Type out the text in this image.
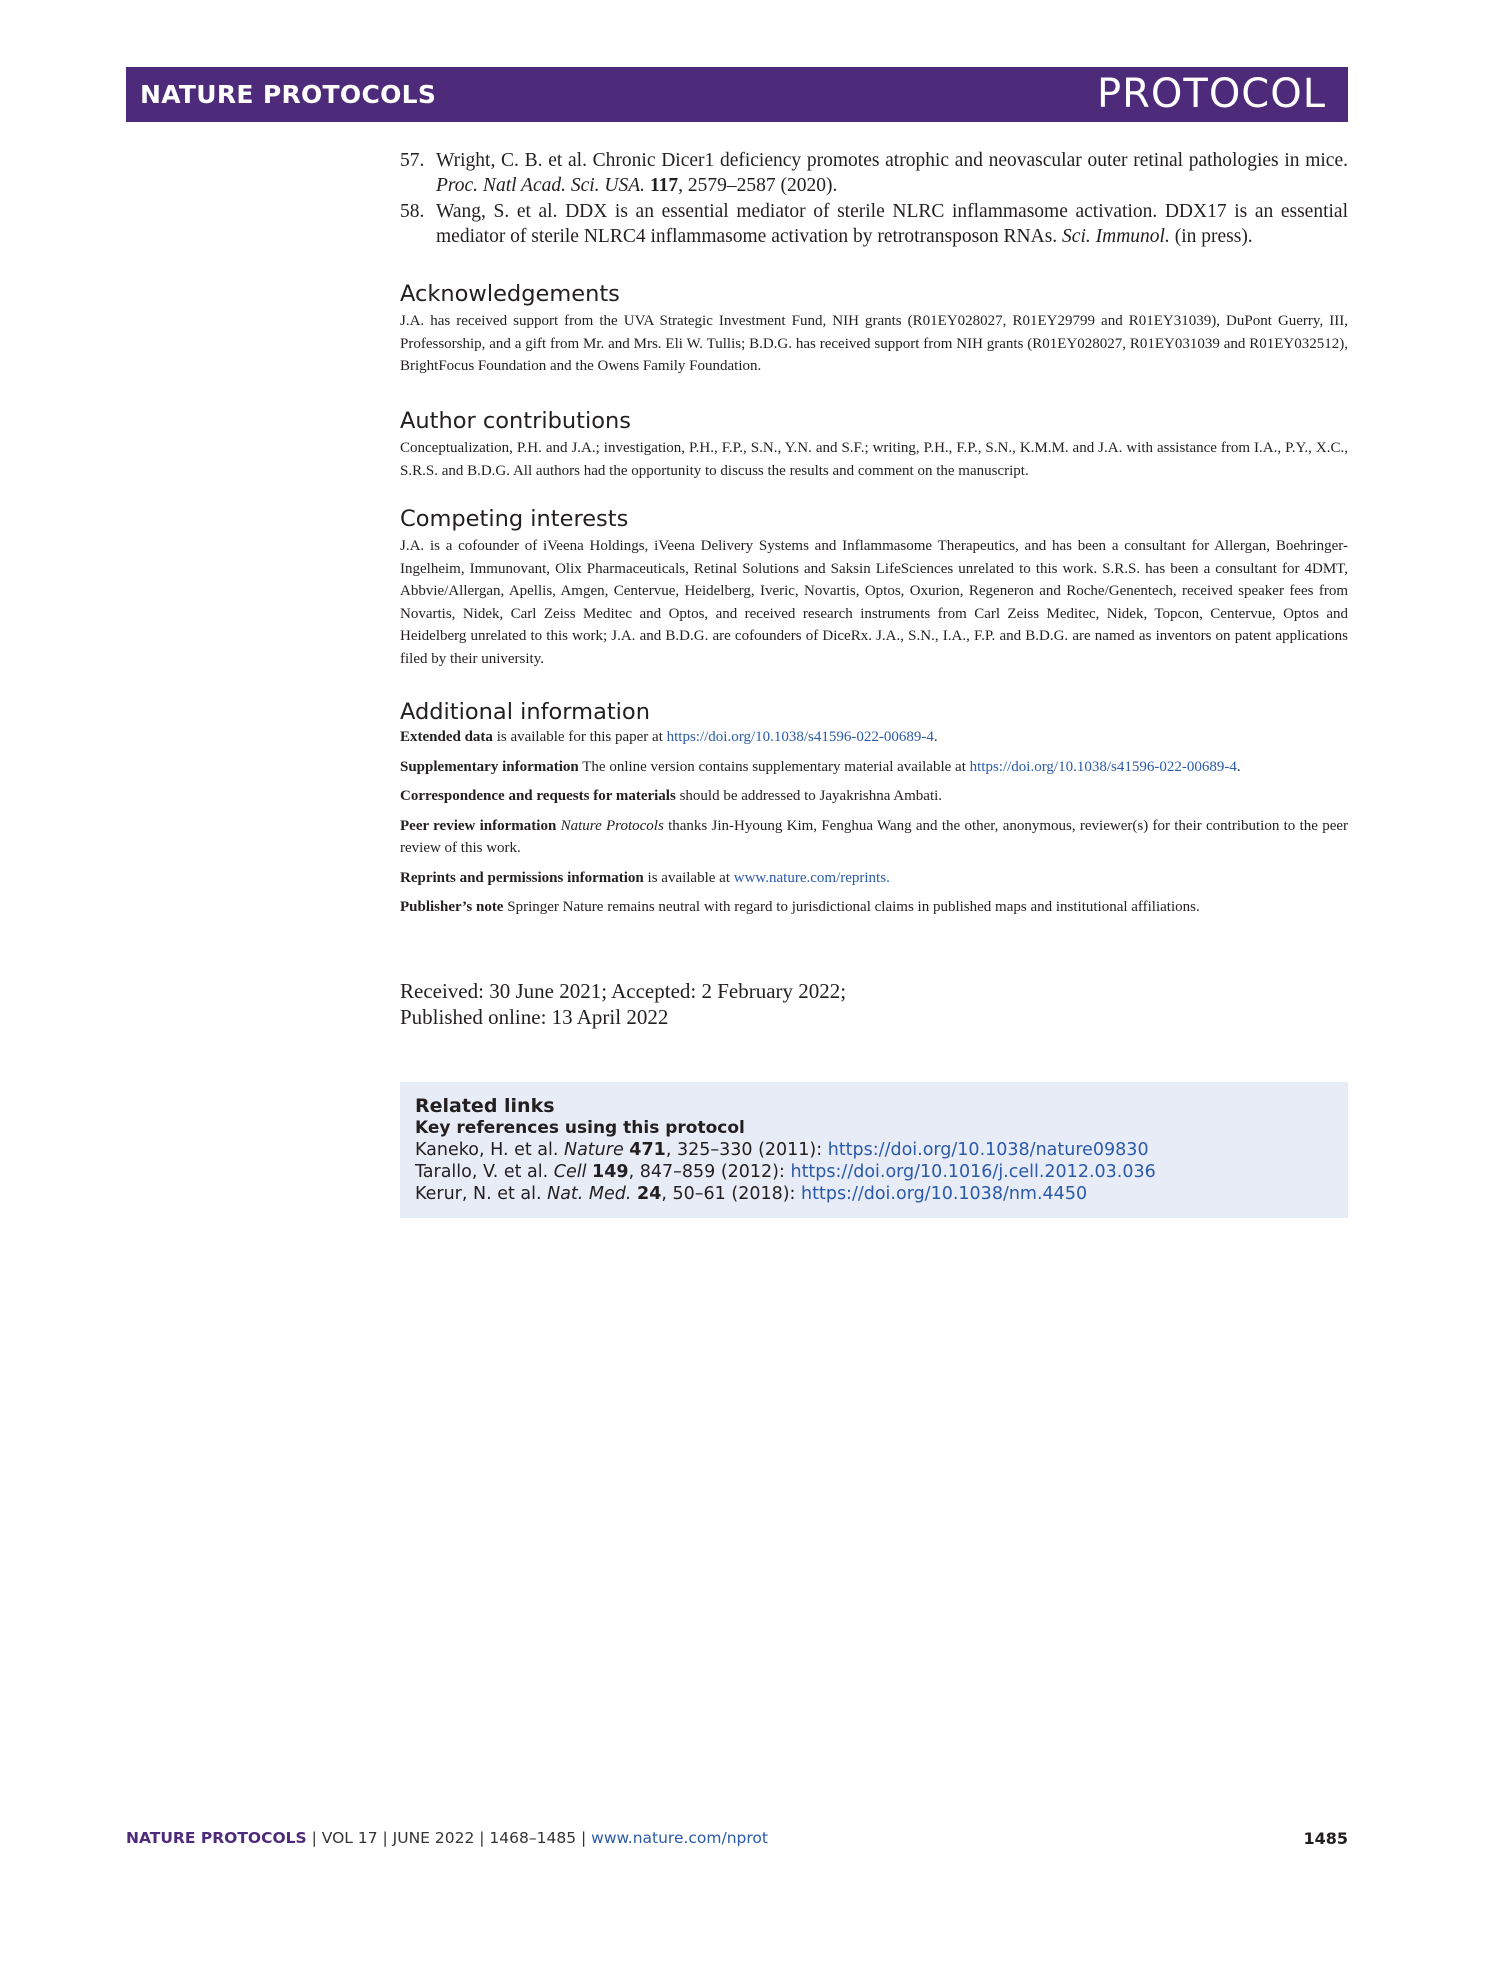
NATURE PROTOCOLS	PROTOCOL
57. Wright, C. B. et al. Chronic Dicer1 deficiency promotes atrophic and neovascular outer retinal pathologies in mice. Proc. Natl Acad. Sci. USA. 117, 2579–2587 (2020).
58. Wang, S. et al. DDX is an essential mediator of sterile NLRC inflammasome activation. DDX17 is an essential mediator of sterile NLRC4 inflammasome activation by retrotransposon RNAs. Sci. Immunol. (in press).
Acknowledgements

J.A. has received support from the UVA Strategic Investment Fund, NIH grants (R01EY028027, R01EY29799 and R01EY31039), DuPont Guerry, III, Professorship, and a gift from Mr. and Mrs. Eli W. Tullis; B.D.G. has received support from NIH grants (R01EY028027, R01EY031039 and R01EY032512), BrightFocus Foundation and the Owens Family Foundation.

Author contributions

Conceptualization, P.H. and J.A.; investigation, P.H., F.P., S.N., Y.N. and S.F.; writing, P.H., F.P., S.N., K.M.M. and J.A. with assistance from I.A., P.Y., X.C., S.R.S. and B.D.G. All authors had the opportunity to discuss the results and comment on the manuscript.

Competing interests

J.A. is a cofounder of iVeena Holdings, iVeena Delivery Systems and Inflammasome Therapeutics, and has been a consultant for Allergan, Boehringer-Ingelheim, Immunovant, Olix Pharmaceuticals, Retinal Solutions and Saksin LifeSciences unrelated to this work. S.R.S. has been a consultant for 4DMT, Abbvie/Allergan, Apellis, Amgen, Centervue, Heidelberg, Iveric, Novartis, Optos, Oxurion, Regeneron and Roche/Genentech, received speaker fees from Novartis, Nidek, Carl Zeiss Meditec and Optos, and received research instruments from Carl Zeiss Meditec, Nidek, Topcon, Centervue, Optos and Heidelberg unrelated to this work; J.A. and B.D.G. are cofounders of DiceRx. J.A., S.N., I.A., F.P. and B.D.G. are named as inventors on patent applications filed by their university.

Additional information

Extended data is available for this paper at https://doi.org/10.1038/s41596-022-00689-4.

Supplementary information The online version contains supplementary material available at https://doi.org/10.1038/s41596-022-00689-4.

Correspondence and requests for materials should be addressed to Jayakrishna Ambati.

Peer review information Nature Protocols thanks Jin-Hyoung Kim, Fenghua Wang and the other, anonymous, reviewer(s) for their contribution to the peer review of this work.

Reprints and permissions information is available at www.nature.com/reprints.

Publisher’s note Springer Nature remains neutral with regard to jurisdictional claims in published maps and institutional affiliations.

Received: 30 June 2021; Accepted: 2 February 2022;
Published online: 13 April 2022
Related links
Key references using this protocol
Kaneko, H. et al. Nature 471, 325–330 (2011): https://doi.org/10.1038/nature09830
Tarallo, V. et al. Cell 149, 847–859 (2012): https://doi.org/10.1016/j.cell.2012.03.036
Kerur, N. et al. Nat. Med. 24, 50–61 (2018): https://doi.org/10.1038/nm.4450
NATURE PROTOCOLS | VOL 17 | JUNE 2022 | 1468–1485 | www.nature.com/nprot	1485
